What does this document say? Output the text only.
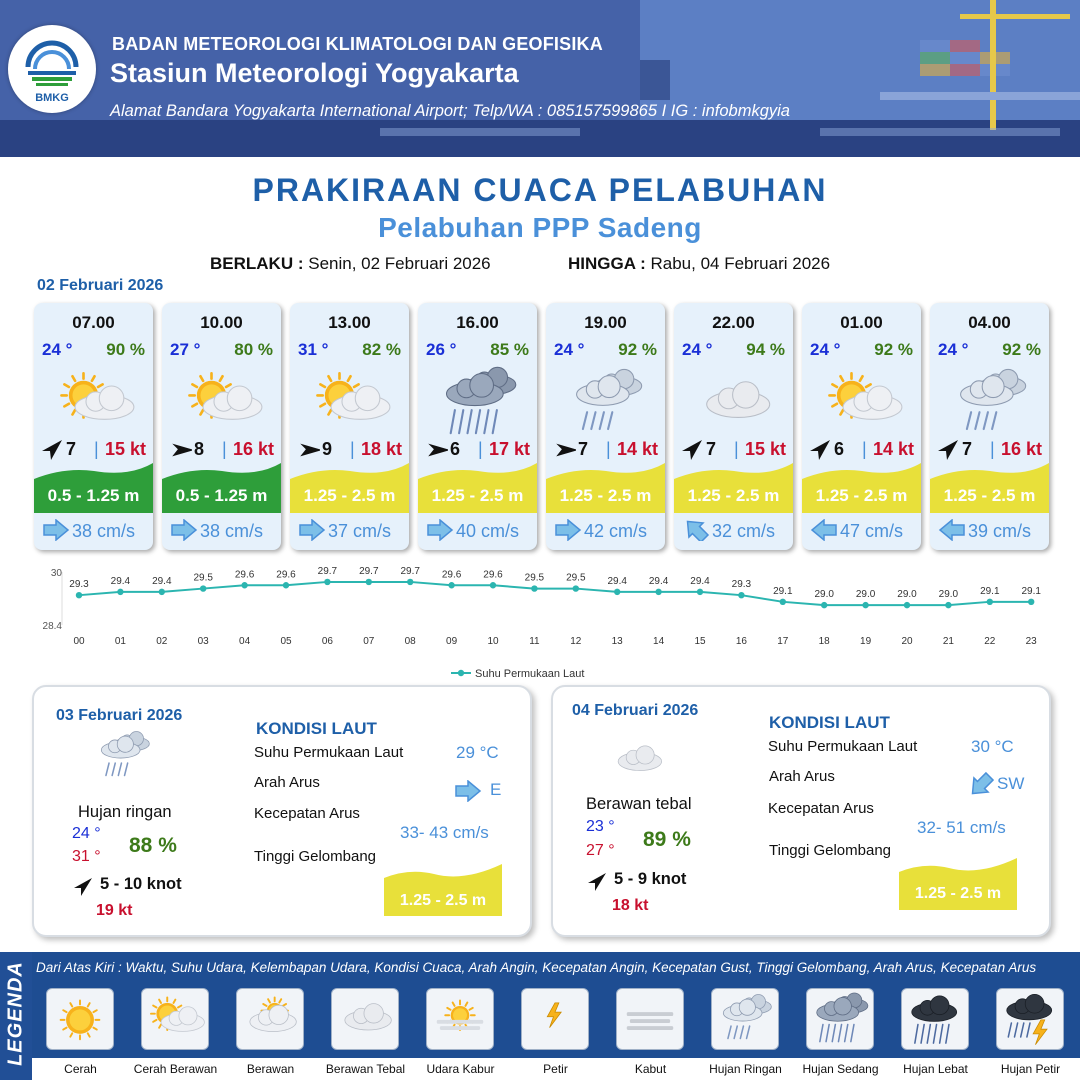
BMKG
BADAN METEOROLOGI KLIMATOLOGI DAN GEOFISIKA
Stasiun Meteorologi Yogyakarta
Alamat Bandara Yogyakarta International Airport; Telp/WA : 085157599865 I IG : infobmkgyia
PRAKIRAAN CUACA PELABUHAN
Pelabuhan PPP Sadeng
BERLAKU : Senin, 02 Februari 2026	HINGGA : Rabu, 04 Februari 2026
02 Februari 2026
07.00
24 ° 90 %
7 | 15 kt
0.5 - 1.25 m
38 cm/s
10.00
27 ° 80 %
8 | 16 kt
0.5 - 1.25 m
38 cm/s
13.00
31 ° 82 %
9 | 18 kt
1.25 - 2.5 m
37 cm/s
16.00
26 ° 85 %
6 | 17 kt
1.25 - 2.5 m
40 cm/s
19.00
24 ° 92 %
7 | 14 kt
1.25 - 2.5 m
42 cm/s
22.00
24 ° 94 %
7 | 15 kt
1.25 - 2.5 m
32 cm/s
01.00
24 ° 92 %
6 | 14 kt
1.25 - 2.5 m
47 cm/s
04.00
24 ° 92 %
7 | 16 kt
1.25 - 2.5 m
39 cm/s
30
28.4
29.3
00
29.4
01
29.4
02
29.5
03
29.6
04
29.6
05
29.7
06
29.7
07
29.7
08
29.6
09
29.6
10
29.5
11
29.5
12
29.4
13
29.4
14
29.4
15
29.3
16
29.1
17
29.0
18
29.0
19
29.0
20
29.0
21
29.1
22
29.1
23
Suhu Permukaan Laut
03 Februari 2026
Hujan ringan
24 °
31 ° 88 %
5 - 10 knot
19 kt
KONDISI LAUT
Suhu Permukaan Laut	29 °C
Arah Arus	E
Kecepatan Arus
33- 43 cm/s
Tinggi Gelombang
1.25 - 2.5 m
04 Februari 2026
Berawan tebal
23 °
27 ° 89 %
5 - 9 knot
18 kt
KONDISI LAUT
Suhu Permukaan Laut	30 °C
Arah Arus	SW
Kecepatan Arus
32- 51 cm/s
Tinggi Gelombang
1.25 - 2.5 m
LEGENDA Dari Atas Kiri : Waktu, Suhu Udara, Kelembapan Udara, Kondisi Cuaca, Arah Angin, Kecepatan Angin, Kecepatan Gust, Tinggi Gelombang, Arah Arus, Kecepatan Arus
Cerah	Cerah Berawan	Berawan	Berawan Tebal	Udara Kabur	Petir	Kabut	Hujan Ringan	Hujan Sedang	Hujan Lebat	Hujan Petir
